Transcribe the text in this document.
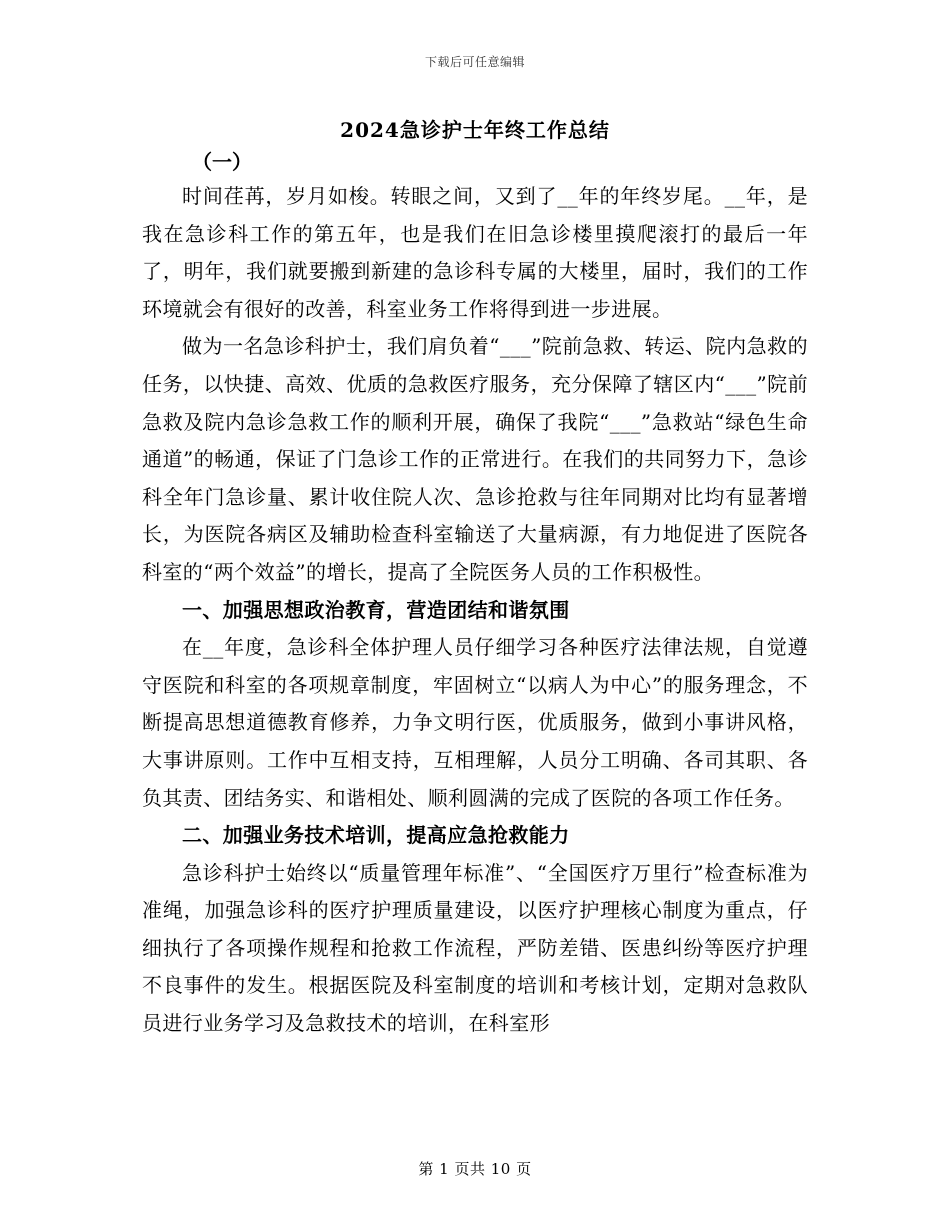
下载后可任意编辑
2024急诊护士年终工作总结

（一）

时间荏苒，岁月如梭。转眼之间，又到了__年的年终岁尾。__年，是我在急诊科工作的第五年，也是我们在旧急诊楼里摸爬滚打的最后一年了，明年，我们就要搬到新建的急诊科专属的大楼里，届时，我们的工作环境就会有很好的改善，科室业务工作将得到进一步进展。

做为一名急诊科护士，我们肩负着“___”院前急救、转运、院内急救的任务，以快捷、高效、优质的急救医疗服务，充分保障了辖区内“___”院前急救及院内急诊急救工作的顺利开展，确保了我院“___”急救站“绿色生命通道”的畅通，保证了门急诊工作的正常进行。在我们的共同努力下，急诊科全年门急诊量、累计收住院人次、急诊抢救与往年同期对比均有显著增长，为医院各病区及辅助检查科室输送了大量病源，有力地促进了医院各科室的“两个效益”的增长，提高了全院医务人员的工作积极性。

一、加强思想政治教育，营造团结和谐氛围

在__年度，急诊科全体护理人员仔细学习各种医疗法律法规，自觉遵守医院和科室的各项规章制度，牢固树立“以病人为中心”的服务理念，不断提高思想道德教育修养，力争文明行医，优质服务，做到小事讲风格，大事讲原则。工作中互相支持，互相理解，人员分工明确、各司其职、各负其责、团结务实、和谐相处、顺利圆满的完成了医院的各项工作任务。

二、加强业务技术培训，提高应急抢救能力

急诊科护士始终以“质量管理年标准”、“全国医疗万里行”检查标准为准绳，加强急诊科的医疗护理质量建设，以医疗护理核心制度为重点，仔细执行了各项操作规程和抢救工作流程，严防差错、医患纠纷等医疗护理不良事件的发生。根据医院及科室制度的培训和考核计划，定期对急救队员进行业务学习及急救技术的培训，在科室形

第 1 页共 10 页
